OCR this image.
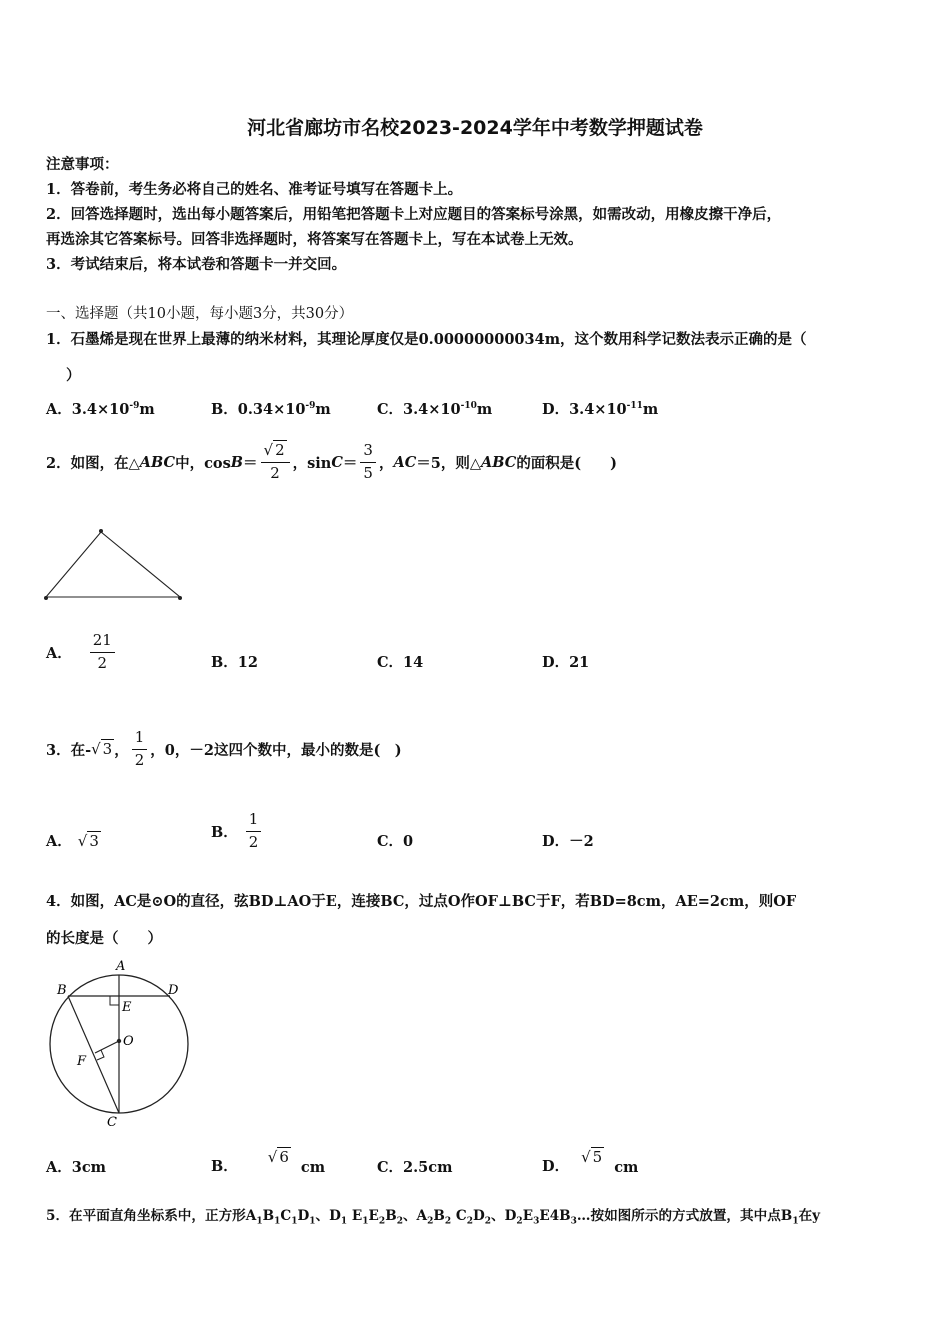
河北省廊坊市名校2023-2024学年中考数学押题试卷
注意事项：
1．答卷前，考生务必将自己的姓名、准考证号填写在答题卡上。
2．回答选择题时，选出每小题答案后，用铅笔把答题卡上对应题目的答案标号涂黑，如需改动，用橡皮擦干净后，
再选涂其它答案标号。回答非选择题时，将答案写在答题卡上，写在本试卷上无效。
3．考试结束后，将本试卷和答题卡一并交回。
一、选择题（共10小题，每小题3分，共30分）
1．石墨烯是现在世界上最薄的纳米材料，其理论厚度仅是0.00000000034m，这个数用科学记数法表示正确的是（
）
A．$3.4\times 10^{-9}m$	B．$0.34\times 10^{-9}m$	C．$3.4\times 10^{-10}m$	D．$3.4\times 10^{-11}m$
2．如图，在△ ABC 中，$\cos B = \frac{√ 2}{2}$ ，$\sin C = \frac{3}{5}$ ， AC ＝5，则△ ABC 的面积是(　　)
A． $\frac{21}{2}$	B．12	C．14	D．21
3．在- √ 3 ， $\frac{1}{2}$ ，0，－2这四个数中，最小的数是(　)
A． √ 3	B． $\frac{1}{2}$	C．0	D．－2
4．如图，AC是⊙O的直径，弦BD⊥AO于E，连接BC，过点O作OF⊥BC于F，若BD=8cm，AE=2cm，则OF
的长度是（　　）
A
B	D
E
O
F
C
A．3cm	B．
√ 6
cm	C．2.5cm	D．
√ 5
cm
5．在平面直角坐标系中，正方形$A_1B_1C_1D_1$、$D_1$ $E_1E_2B_2$、$A_2B_2$ $C_2D_2$、$D_2E_3E4B_3\dots$按如图所示的方式放置，其中点$B_1$在y
